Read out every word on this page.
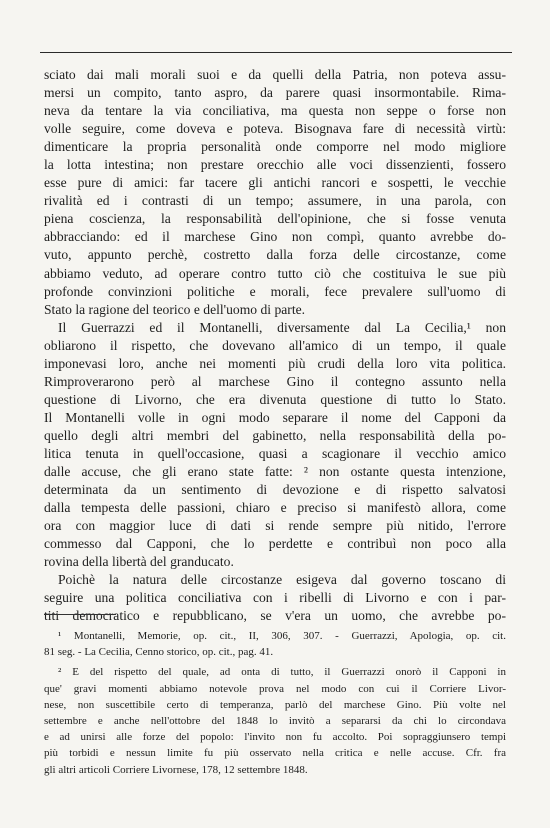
sciato dai mali morali suoi e da quelli della Patria, non poteva assu-
mersi un compito, tanto aspro, da parere quasi insormontabile. Rima-
neva da tentare la via conciliativa, ma questa non seppe o forse non
volle seguire, come doveva e poteva. Bisognava fare di necessità virtù:
dimenticare la propria personalità onde comporre nel modo migliore
la lotta intestina; non prestare orecchio alle voci dissenzienti, fossero
esse pure di amici: far tacere gli antichi rancori e sospetti, le vecchie
rivalità ed i contrasti di un tempo; assumere, in una parola, con
piena coscienza, la responsabilità dell'opinione, che si fosse venuta
abbracciando: ed il marchese Gino non compì, quanto avrebbe do-
vuto, appunto perchè, costretto dalla forza delle circostanze, come
abbiamo veduto, ad operare contro tutto ciò che costituiva le sue più
profonde convinzioni politiche e morali, fece prevalere sull'uomo di
Stato la ragione del teorico e dell'uomo di parte.
Il Guerrazzi ed il Montanelli, diversamente dal La Cecilia,¹ non
obliarono il rispetto, che dovevano all'amico di un tempo, il quale
imponevasi loro, anche nei momenti più crudi della loro vita politica.
Rimproverarono però al marchese Gino il contegno assunto nella
questione di Livorno, che era divenuta questione di tutto lo Stato.
Il Montanelli volle in ogni modo separare il nome del Capponi da
quello degli altri membri del gabinetto, nella responsabilità della po-
litica tenuta in quell'occasione, quasi a scagionare il vecchio amico
dalle accuse, che gli erano state fatte: ² non ostante questa intenzione,
determinata da un sentimento di devozione e di rispetto salvatosi
dalla tempesta delle passioni, chiaro e preciso si manifestò allora, come
ora con maggior luce di dati si rende sempre più nitido, l'errore
commesso dal Capponi, che lo perdette e contribuì non poco alla
rovina della libertà del granducato.
Poichè la natura delle circostanze esigeva dal governo toscano di
seguire una politica conciliativa con i ribelli di Livorno e con i par-
titi democratico e repubblicano, se v'era un uomo, che avrebbe po-
¹ Montanelli, Memorie, op. cit., II, 306, 307. - Guerrazzi, Apologia, op. cit.
81 seg. - La Cecilia, Cenno storico, op. cit., pag. 41.
² E del rispetto del quale, ad onta di tutto, il Guerrazzi onorò il Capponi in
que' gravi momenti abbiamo notevole prova nel modo con cui il Corriere Livor-
nese, non suscettibile certo di temperanza, parlò del marchese Gino. Più volte nel
settembre e anche nell'ottobre del 1848 lo invitò a separarsi da chi lo circondava
e ad unirsi alle forze del popolo: l'invito non fu accolto. Poi sopraggiunsero tempi
più torbidi e nessun limite fu più osservato nella critica e nelle accuse. Cfr. fra
gli altri articoli Corriere Livornese, 178, 12 settembre 1848.
